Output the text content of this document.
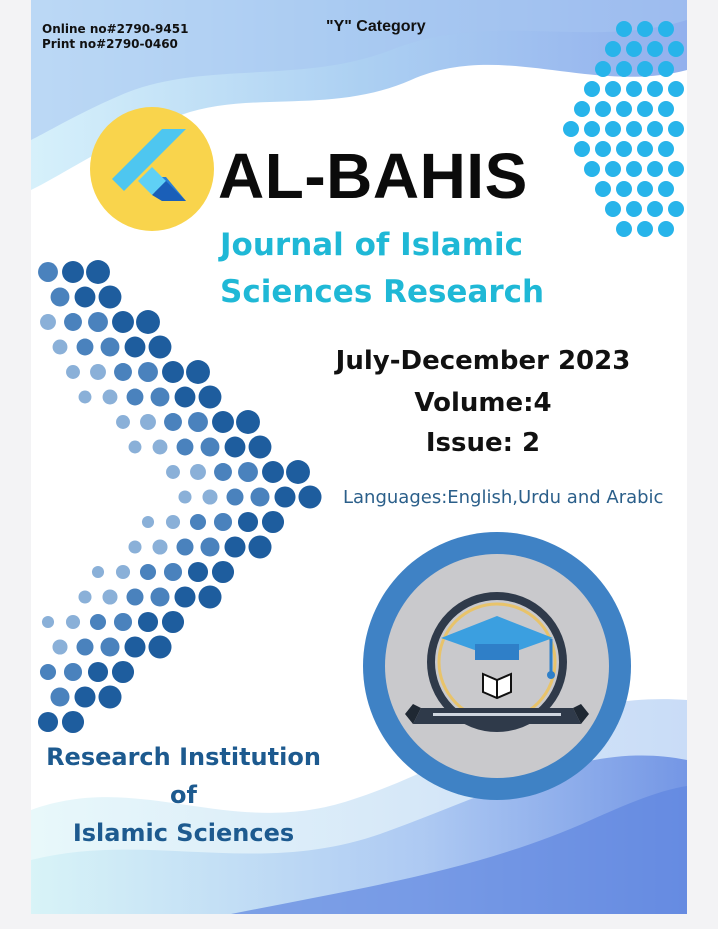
Online no#2790-9451
Print no#2790-0460
"Y" Category
AL-BAHIS
Journal of Islamic
Sciences Research
July-December 2023
Volume:4
Issue: 2
Languages:English,Urdu and Arabic
Research Institution of
Islamic Sciences
